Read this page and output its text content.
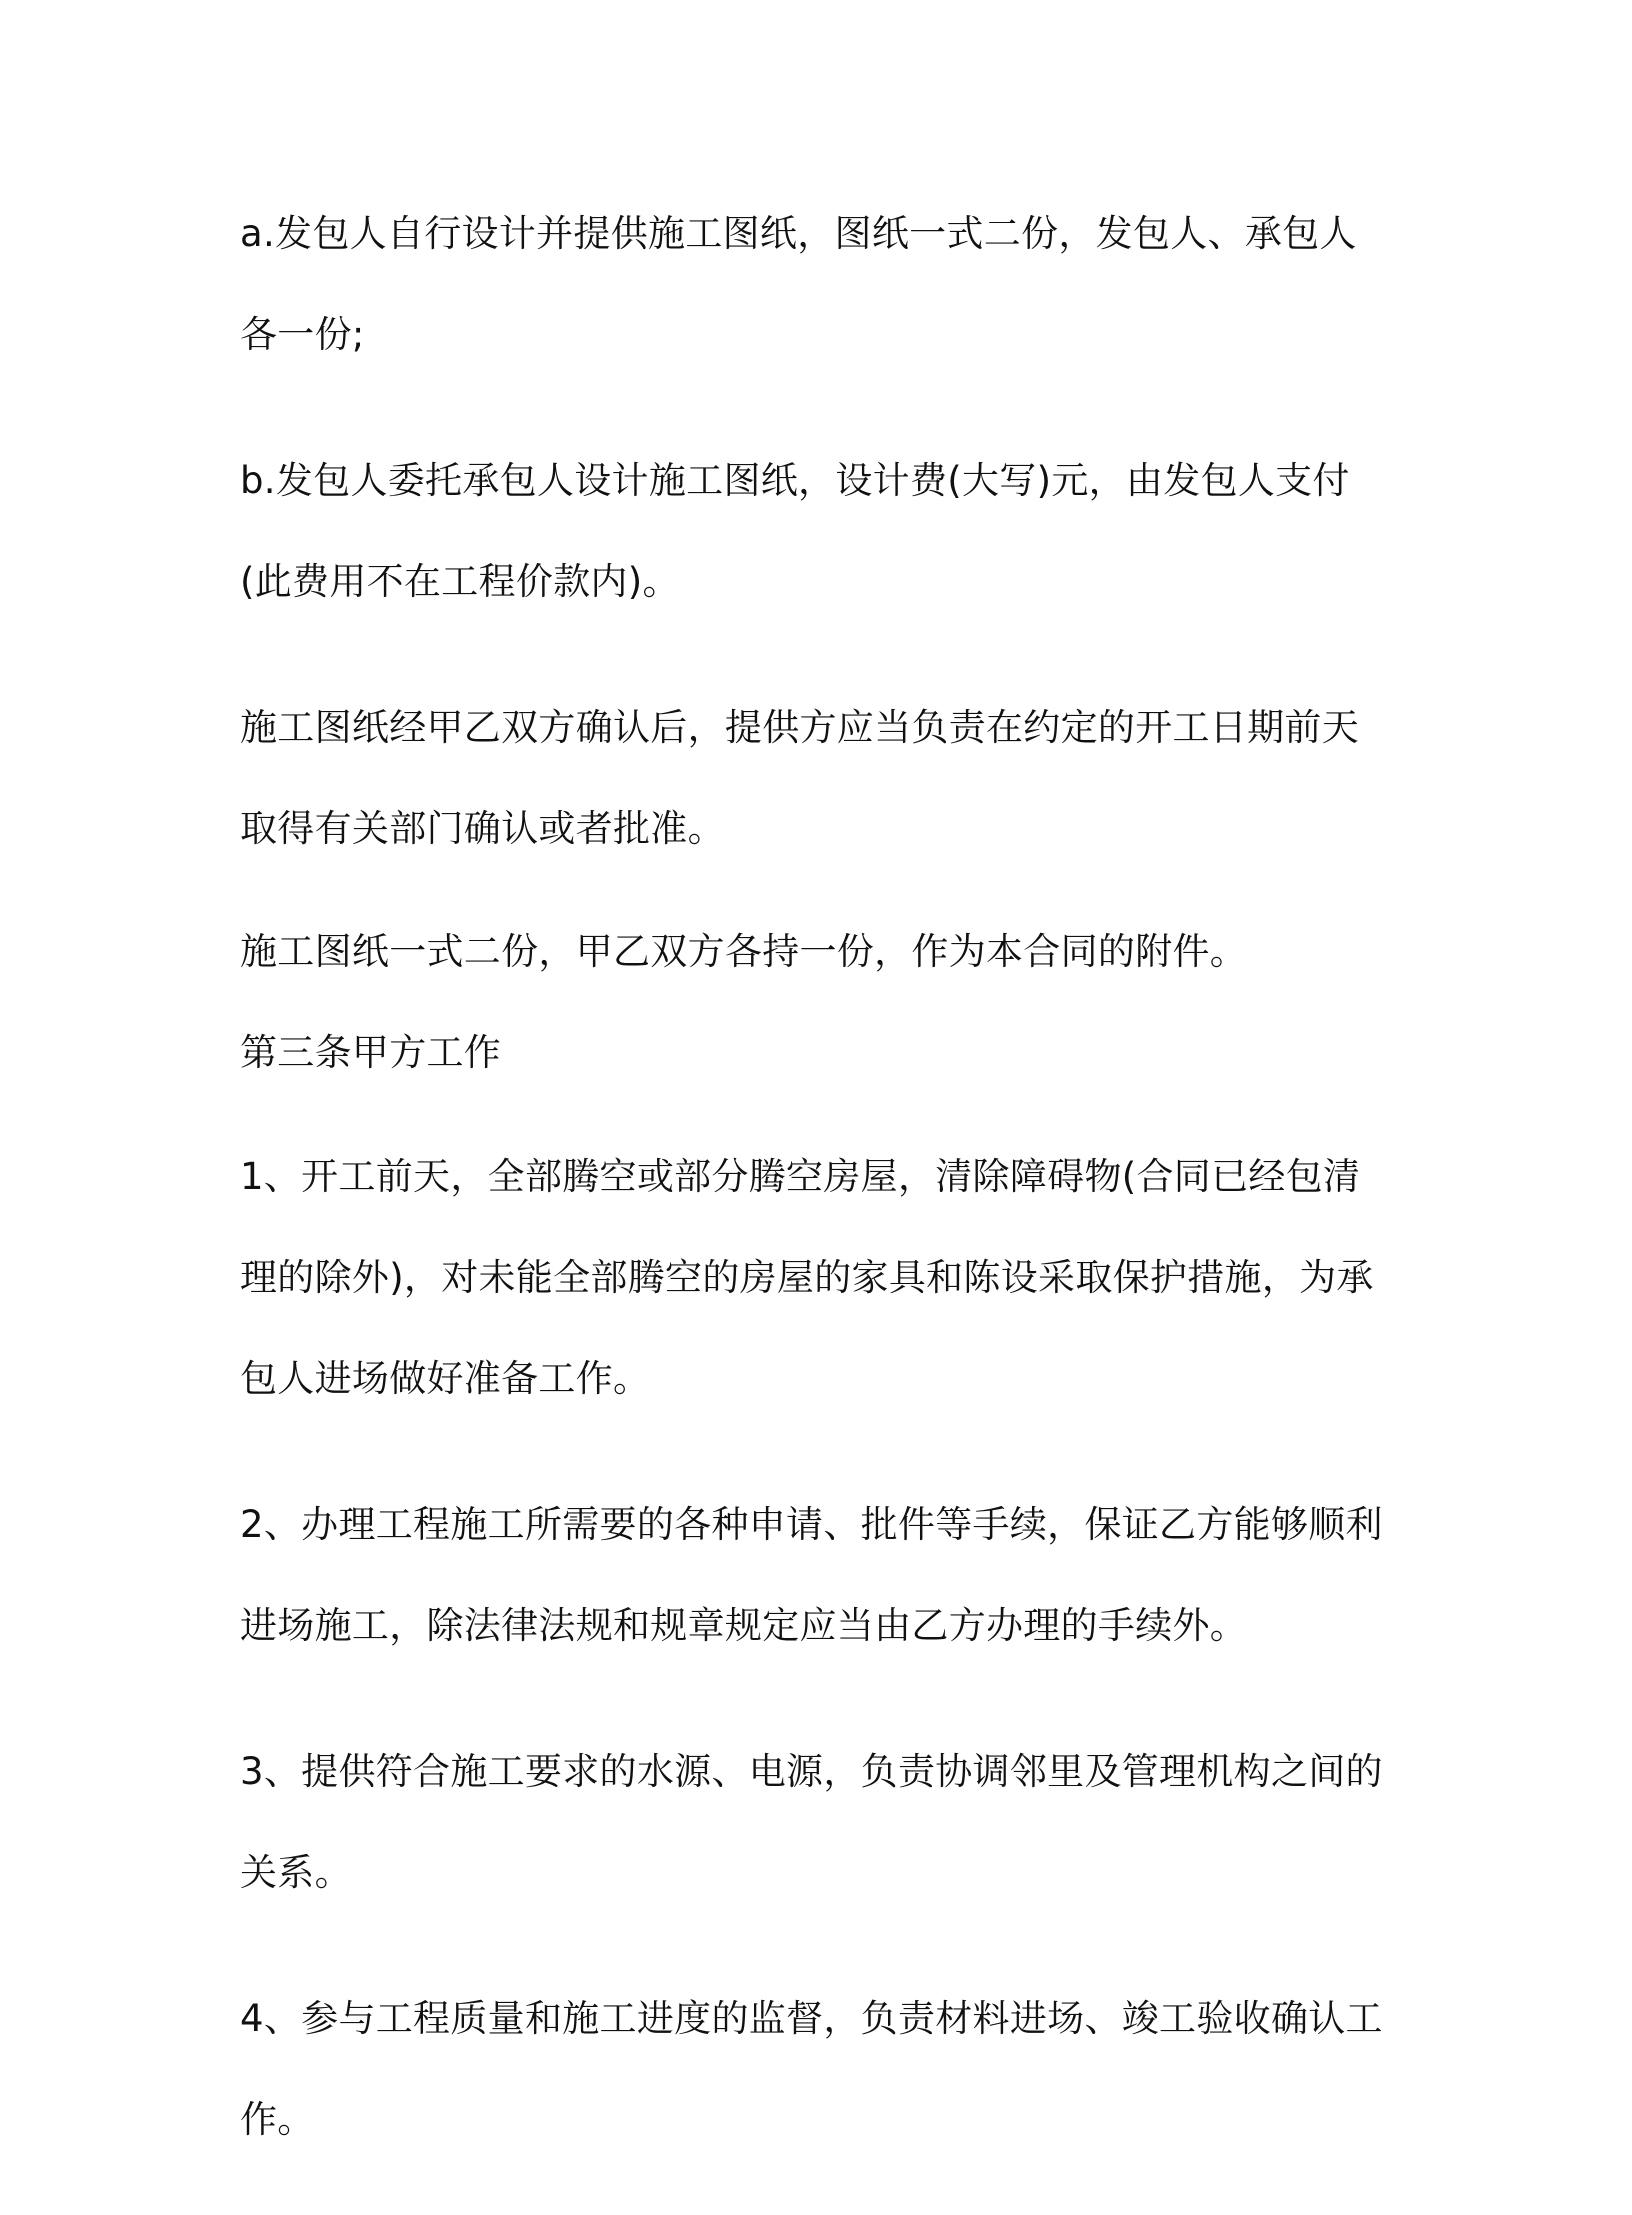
a.发包人自行设计并提供施工图纸，图纸一式二份，发包人、承包人各一份;

b.发包人委托承包人设计施工图纸，设计费(大写)元，由发包人支付(此费用不在工程价款内)。

施工图纸经甲乙双方确认后，提供方应当负责在约定的开工日期前天取得有关部门确认或者批准。

施工图纸一式二份，甲乙双方各持一份，作为本合同的附件。

第三条甲方工作

1、开工前天，全部腾空或部分腾空房屋，清除障碍物(合同已经包清理的除外)，对未能全部腾空的房屋的家具和陈设采取保护措施，为承包人进场做好准备工作。

2、办理工程施工所需要的各种申请、批件等手续，保证乙方能够顺利进场施工，除法律法规和规章规定应当由乙方办理的手续外。

3、提供符合施工要求的水源、电源，负责协调邻里及管理机构之间的关系。

4、参与工程质量和施工进度的监督，负责材料进场、竣工验收确认工作。
